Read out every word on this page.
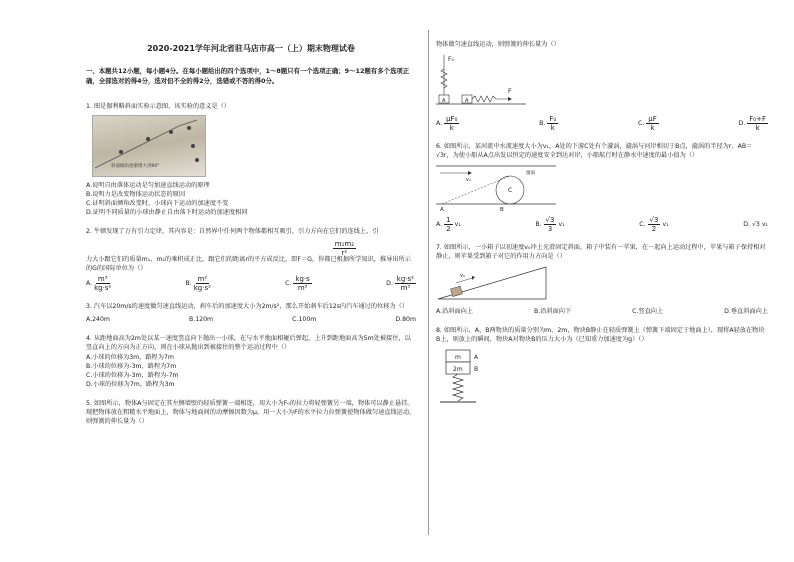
2020-2021学年河北省驻马店市高一（上）期末物理试卷
一、本题共12小题，每小题4分。在每小题给出的四个选项中，1～8题只有一个选项正确；9～12题有多个选项正确，全部选对的得4分，选对但不全的得2分，选错或不答的得0分。
1. 图是伽利略斜面实验示意图，该实验的意义是（）
斜面倾角逐渐增大到90°
A.说明自由落体运动是匀加速直线运动的原理
B.说明力是改变物体运动状态的原因
C.证明斜面倾角改变时，小球向下运动的加速度不变
D.证明不同质量的小球由静止自由落下时运动的加速度相同
2. 牛顿发现了万有引力定律，其内容是：自然界中任何两个物体都相互吸引，引力方向在它们的连线上，引
$\frac{\text{m₁m₂}}{\text{r²}}$
力大小跟它们的质量m₁、m₂的乘积成正比，跟它们的距离r的平方成反比，即F＝G，你都已根据所学知识，推导出所示的G的国际单位为（）
A.
m³
kg·s²
B.
m²
kg·s²
C.
kg·s
m³
D.
kg·s²
m³
3. 汽车以20m/s的速度做匀速直线运动，刹车后的加速度大小为2m/s²，那么开始刹车后12s内汽车通过的位移为（）
A.240m	B.120m	C.100m	D.80m
4. 从距地面高为2m处以某一速度竖直向下抛出一小球，在与水平地面相碰后弹起，上升到距地面高为5m处被接住，以竖直向上的方向为正方向，则在小球从抛出到被接住的整个运动过程中（）
A.小球的位移为3m，路程为7m
B.小球的位移为-3m，路程为7m
C.小球的位移为-3m，路程为-7m
D.小球的位移为7m，路程为3m
5. 如图所示，物体A与固定在其左侧墙壁的轻质弹簧一端相连，用大小为F₀的拉力将轻弹簧另一端，物体可以静止悬挂。现把物体放在粗糙水平地面上，物体与地面间的动摩擦因数为μ，用一大小为F的水平拉力拉弹簧使物体做匀速直线运动，则弹簧的伸长量为（）
物体做匀速直线运动，则弹簧的伸长量为（）
F₀
A	A
F
A.
μF₀
k
B.
F₀
k
C.
μF
k
D.
F₀+F
k
6. 如图所示，某河流中水流速度大小为v₁，A处的下游C处有个漩涡，漩涡与河岸相切于B点，漩涡的半径为r，AB＝√3r，为使小船从A点出发以恒定的速度安全到达对岸，小船航行时在静水中速度的最小值为（）
v₁
C
漩涡
A	B
A.
1
2
v₁	B.
√3
3
v₁	C.
√3
2
v₁	D. √3 v₁
7. 如图所示，一小箱子以初速度v₀冲上光滑固定斜面，箱子中装有一苹果，在一起向上运动过程中，苹果与箱子保持相对静止，则苹果受到箱子对它的作用力方向是（）
v₀
A.沿斜面向上	B.沿斜面向下	C.竖直向上	D.垂直斜面向上
8. 如图所示，A、B两物块的质量分别为m、2m，物块B静止在轻质弹簧上（弹簧下端固定于地面上），现将A轻放在物块B上，则放上的瞬间，物块A对物块B的压力大小为（已知重力加速度为g）（）
m A
2m B
